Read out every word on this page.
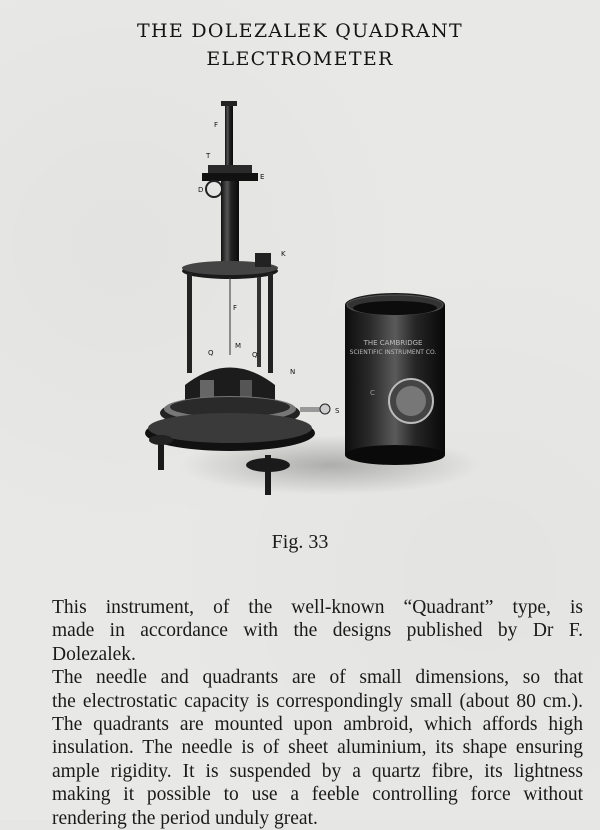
THE DOLEZALEK QUADRANT
ELECTROMETER
THE CAMBRIDGE
SCIENTIFIC INSTRUMENT CO.
F
T
E
D
K
F
M
Q	Q
N
S
C
Fig. 33

This instrument, of the well-known “Quadrant” type, is
made in accordance with the designs published by Dr F.
Dolezalek.

The needle and quadrants are of small dimensions, so that
the electrostatic capacity is correspondingly small (about 80 cm.).
The quadrants are mounted upon ambroid, which affords high
insulation. The needle is of sheet aluminium, its shape ensuring
ample rigidity. It is suspended by a quartz fibre, its lightness
making it possible to use a feeble controlling force without
rendering the period unduly great.
